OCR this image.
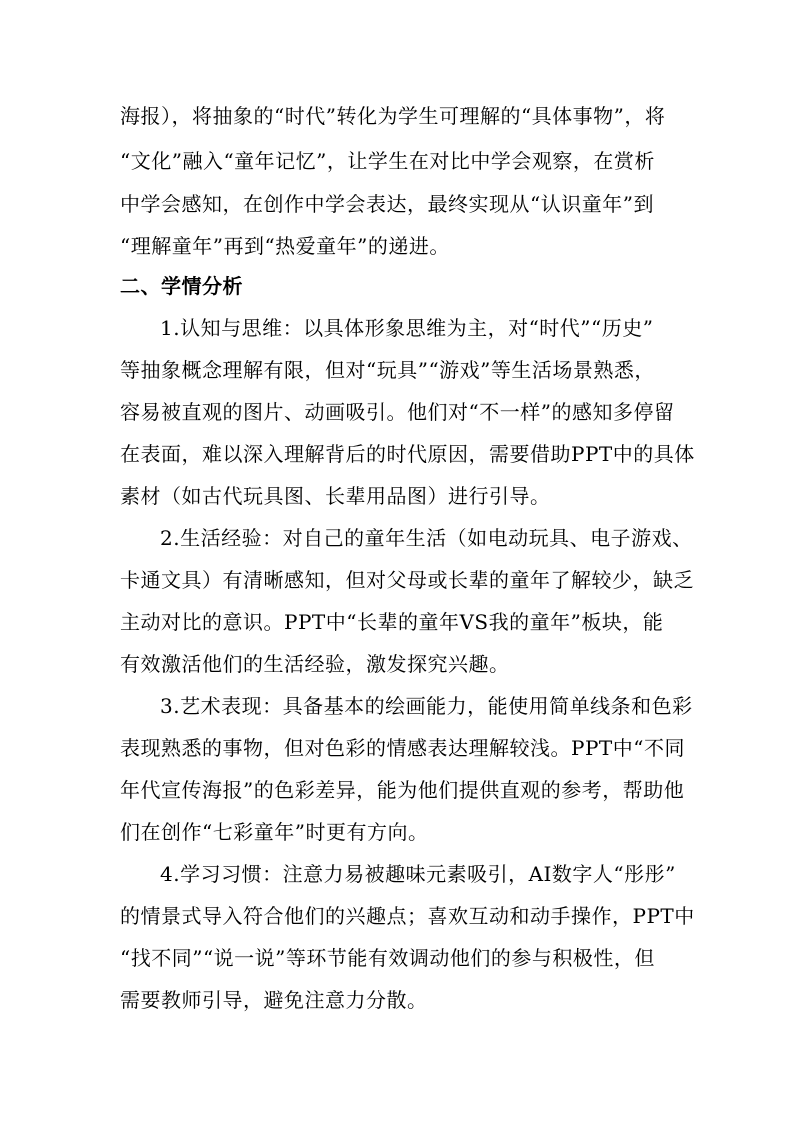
海报），将抽象的“时代”转化为学生可理解的“具体事物”，将
“文化”融入“童年记忆”，让学生在对比中学会观察，在赏析
中学会感知，在创作中学会表达，最终实现从“认识童年”到
“理解童年”再到“热爱童年”的递进。
二、学情分析
1.认知与思维：以具体形象思维为主，对“时代”“历史”
等抽象概念理解有限，但对“玩具”“游戏”等生活场景熟悉，
容易被直观的图片、动画吸引。他们对“不一样”的感知多停留
在表面，难以深入理解背后的时代原因，需要借助PPT中的具体
素材（如古代玩具图、长辈用品图）进行引导。
2.生活经验：对自己的童年生活（如电动玩具、电子游戏、
卡通文具）有清晰感知，但对父母或长辈的童年了解较少，缺乏
主动对比的意识。PPT中“长辈的童年VS我的童年”板块，能
有效激活他们的生活经验，激发探究兴趣。
3.艺术表现：具备基本的绘画能力，能使用简单线条和色彩
表现熟悉的事物，但对色彩的情感表达理解较浅。PPT中“不同
年代宣传海报”的色彩差异，能为他们提供直观的参考，帮助他
们在创作“七彩童年”时更有方向。
4.学习习惯：注意力易被趣味元素吸引，AI数字人“彤彤”
的情景式导入符合他们的兴趣点；喜欢互动和动手操作，PPT中
“找不同”“说一说”等环节能有效调动他们的参与积极性，但
需要教师引导，避免注意力分散。
